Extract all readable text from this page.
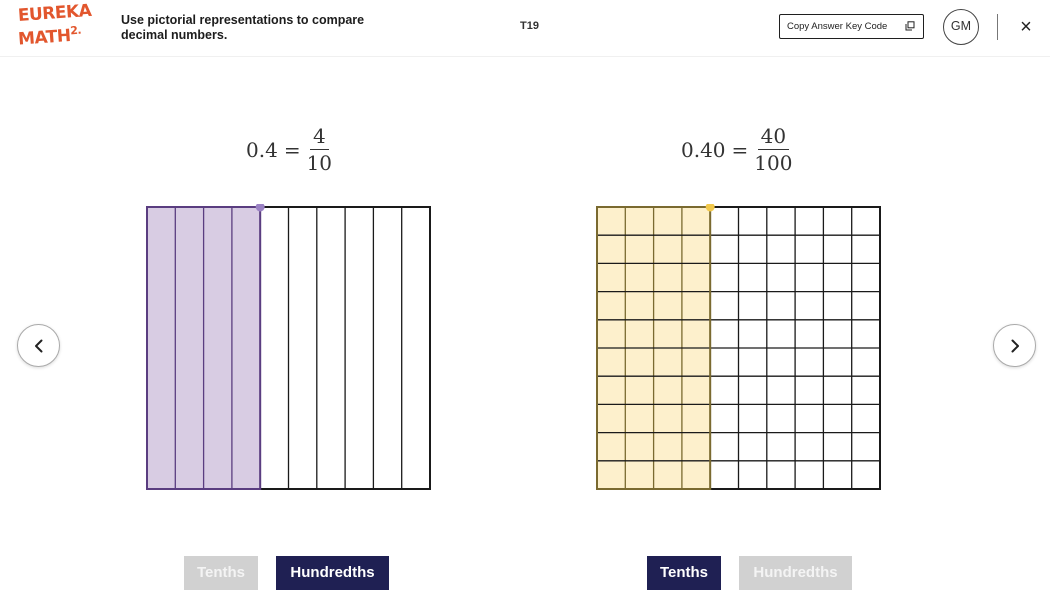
EUREKA
$MATH^{2.}$
Use pictorial representations to compare decimal numbers.
T19	Copy Answer Key Code	GM	×
$0.4 = \frac{4}{10}$	$0.40 = \frac{40}{100}$
Tenths	Hundredths	Tenths	Hundredths
